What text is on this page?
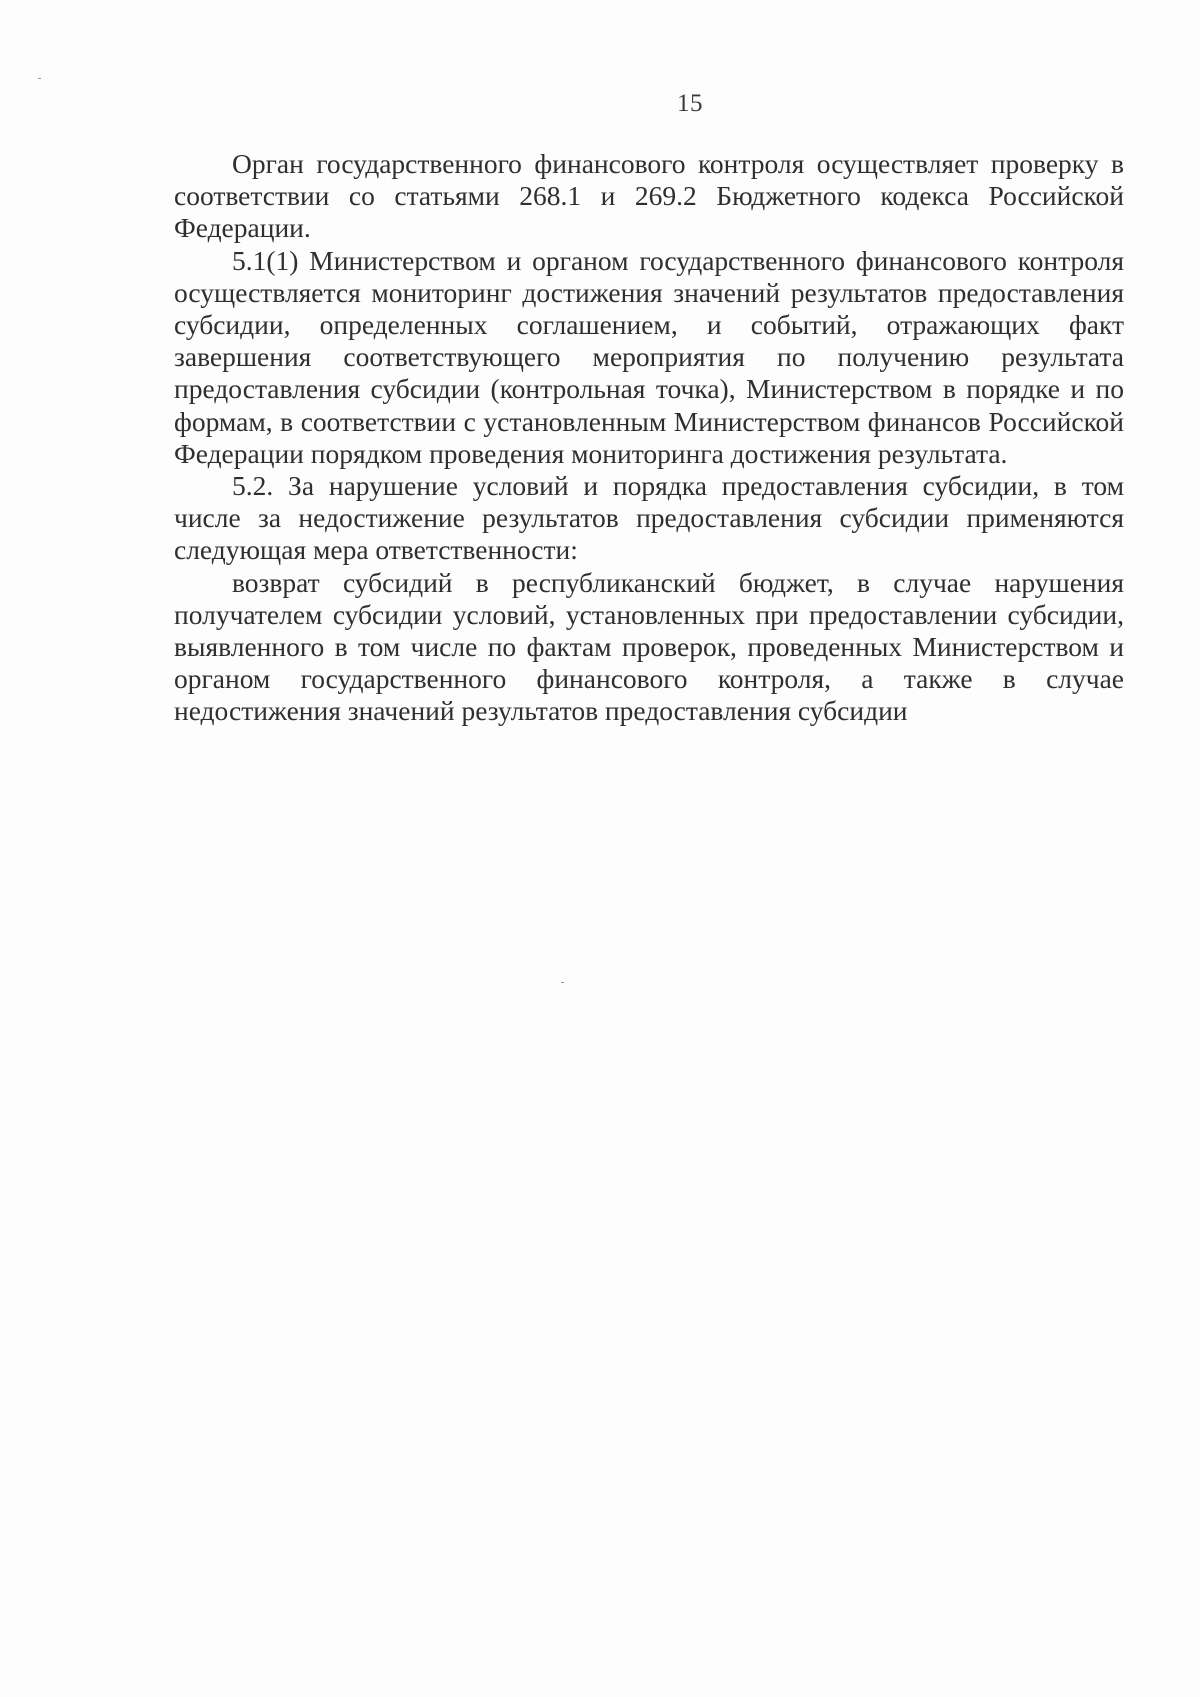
15

Орган государственного финансового контроля осуществляет проверку в соответствии со статьями 268.1 и 269.2 Бюджетного кодекса Российской Федерации.

5.1(1) Министерством и органом государственного финансового контроля осуществляется мониторинг достижения значений результатов предоставления субсидии, определенных соглашением, и событий, отражающих факт завершения соответствующего мероприятия по получению результата предоставления субсидии (контрольная точка), Министерством в порядке и по формам, в соответствии с установленным Министерством финансов Российской Федерации порядком проведения мониторинга достижения результата.

5.2. За нарушение условий и порядка предоставления субсидии, в том числе за недостижение результатов предоставления субсидии применяются следующая мера ответственности:

возврат субсидий в республиканский бюджет, в случае нарушения получателем субсидии условий, установленных при предоставлении субсидии, выявленного в том числе по фактам проверок, проведенных Министерством и органом государственного финансового контроля, а также в случае недостижения значений результатов предоставления субсидии
